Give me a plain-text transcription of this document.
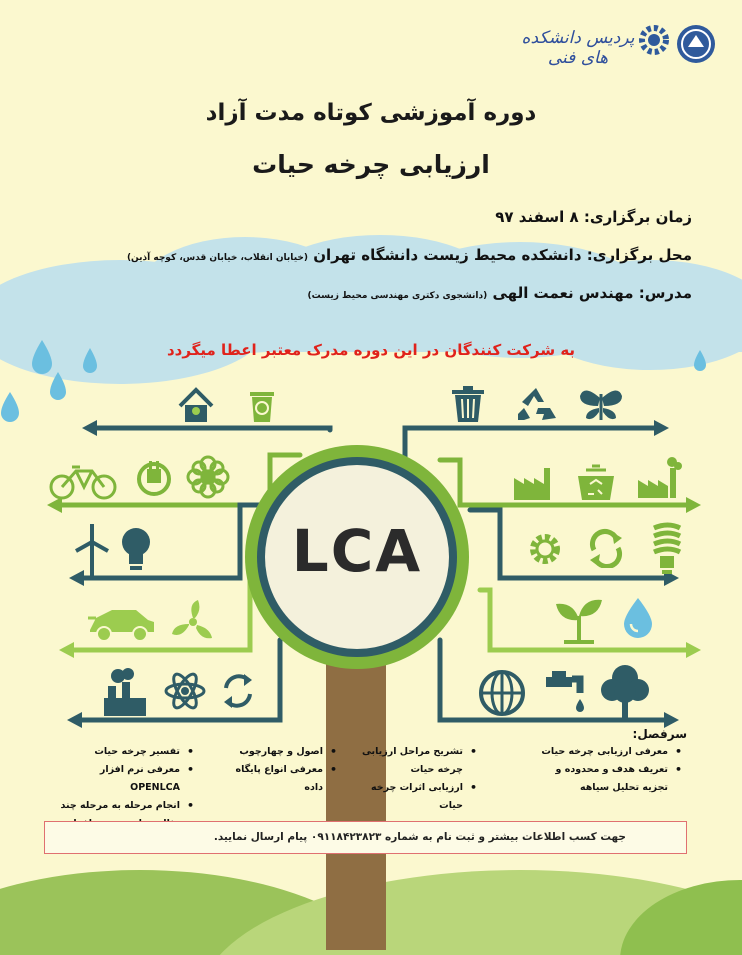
LCA
پردیس دانشکده های فنی
دوره آموزشی کوتاه مدت آزاد
ارزیابی چرخه حیات
زمان برگزاری: ۸ اسفند ۹۷
محل برگزاری: دانشکده محیط زیست دانشگاه تهران (خیابان انقلاب، خیابان قدس، کوچه آذین)
مدرس: مهندس نعمت الهی (دانشجوی دکتری مهندسی محیط زیست)
به شرکت کنندگان در این دوره مدرک معتبر اعطا میگردد
سرفصل:
• معرفی ارزیابی چرخه حیات
• تعریف هدف و محدوده و تجزیه تحلیل سیاهه
• تشریح مراحل ارزیابی چرخه حیات
• ارزیابی اثرات چرخه حیات
• اصول و چهارچوب
• معرفی انواع پایگاه داده
• تفسیر چرخه حیات
• معرفی نرم افزار OPENLCA
• انجام مرحله به مرحله چند
جهت کسب اطلاعات بیشتر و ثبت نام به شماره ۰۹۱۱۸۴۲۳۸۲۳ پیام ارسال نمایید.
